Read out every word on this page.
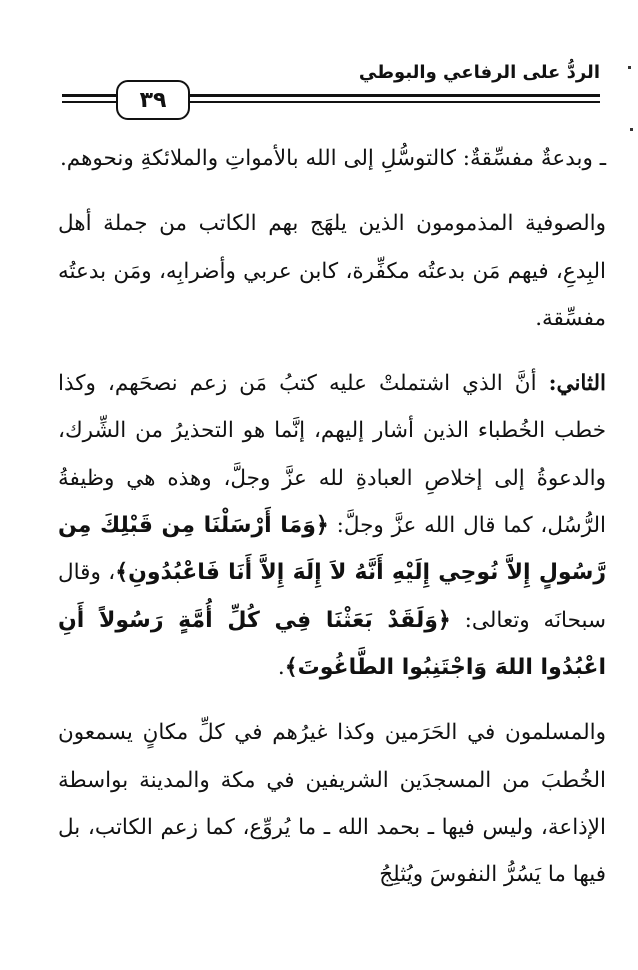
الردُّ على الرفاعي والبوطي
٣٩

ـ وبدعةٌ مفسِّقةٌ: كالتوسُّلِ إلى الله بالأمواتِ والملائكةِ ونحوهم.

والصوفية المذمومون الذين يلهَج بهم الكاتب من جملة أهل البِدعِ، فيهم مَن بدعتُه مكفِّرة، كابن عربي وأضرابِه، ومَن بدعتُه مفسِّقة.

الثاني: أنَّ الذي اشتملتْ عليه كتبُ مَن زعم نصحَهم، وكذا خطب الخُطباء الذين أشار إليهم، إنَّما هو التحذيرُ من الشِّرك، والدعوةُ إلى إخلاصِ العبادةِ لله عزَّ وجلَّ، وهذه هي وظيفةُ الرُّسُل، كما قال الله عزَّ وجلَّ: ﴿وَمَا أَرْسَلْنَا مِن قَبْلِكَ مِن رَّسُولٍ إِلاَّ نُوحِي إِلَيْهِ أَنَّهُ لاَ إِلَهَ إِلاَّ أَنَا فَاعْبُدُونِ﴾، وقال سبحانَه وتعالى: ﴿وَلَقَدْ بَعَثْنَا فِي كُلِّ أُمَّةٍ رَسُولاً أَنِ اعْبُدُوا اللهَ وَاجْتَنِبُوا الطَّاغُوتَ﴾.

والمسلمون في الحَرَمين وكذا غيرُهم في كلِّ مكانٍ يسمعون الخُطبَ من المسجدَين الشريفين في مكة والمدينة بواسطة الإذاعة، وليس فيها ـ بحمد الله ـ ما يُروِّع، كما زعم الكاتب، بل فيها ما يَسُرُّ النفوسَ ويُثلِجُ
